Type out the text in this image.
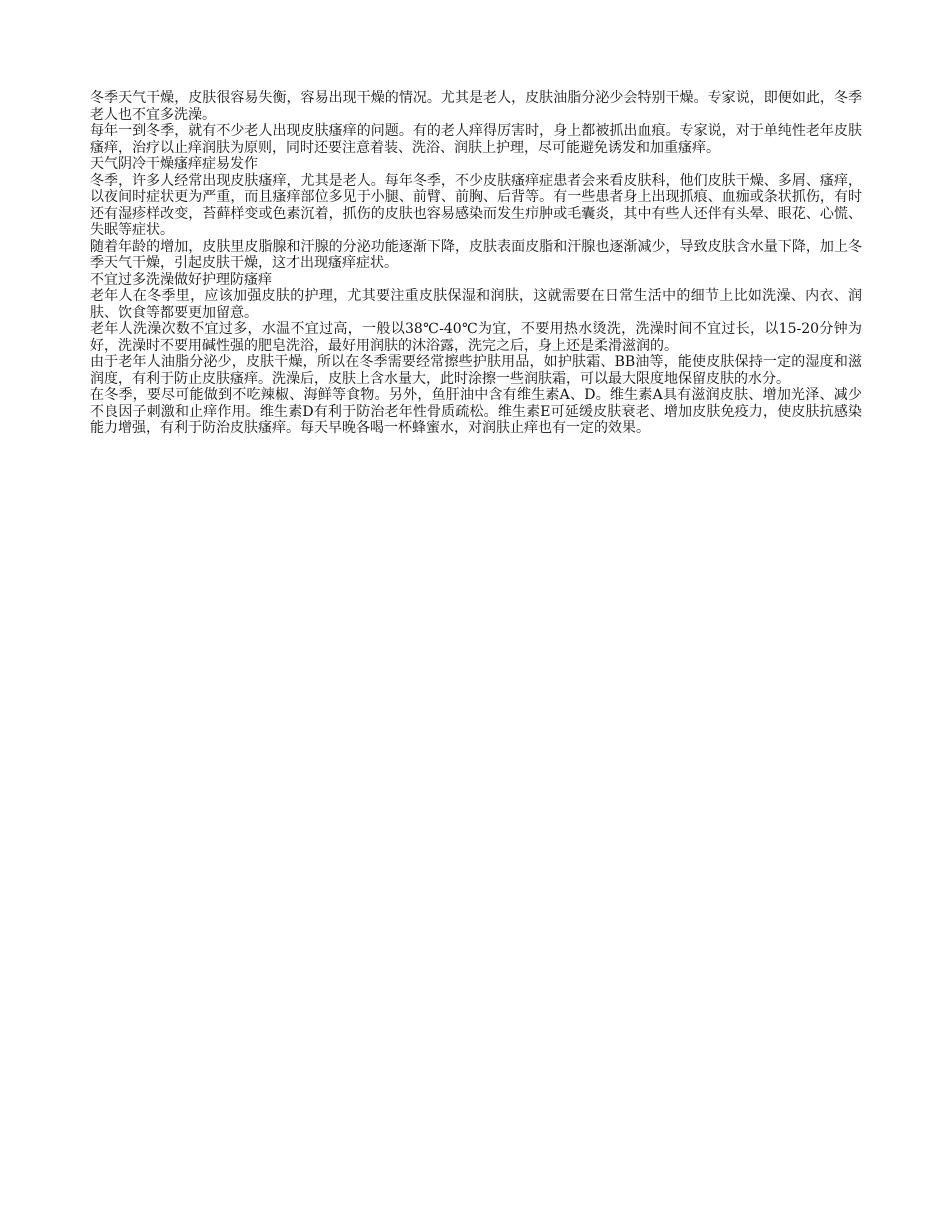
冬季天气干燥，皮肤很容易失衡，容易出现干燥的情况。尤其是老人，皮肤油脂分泌少会特别干燥。专家说，即便如此，冬季老人也不宜多洗澡。

每年一到冬季，就有不少老人出现皮肤瘙痒的问题。有的老人痒得厉害时，身上都被抓出血痕。专家说，对于单纯性老年皮肤瘙痒，治疗以止痒润肤为原则，同时还要注意着装、洗浴、润肤上护理，尽可能避免诱发和加重瘙痒。

天气阴冷干燥瘙痒症易发作

冬季，许多人经常出现皮肤瘙痒，尤其是老人。每年冬季，不少皮肤瘙痒症患者会来看皮肤科，他们皮肤干燥、多屑、瘙痒，以夜间时症状更为严重，而且瘙痒部位多见于小腿、前臂、前胸、后背等。有一些患者身上出现抓痕、血痂或条状抓伤，有时还有湿疹样改变，苔藓样变或色素沉着，抓伤的皮肤也容易感染而发生疖肿或毛囊炎，其中有些人还伴有头晕、眼花、心慌、失眠等症状。

随着年龄的增加，皮肤里皮脂腺和汗腺的分泌功能逐渐下降，皮肤表面皮脂和汗腺也逐渐减少，导致皮肤含水量下降，加上冬季天气干燥，引起皮肤干燥，这才出现瘙痒症状。

不宜过多洗澡做好护理防瘙痒

老年人在冬季里，应该加强皮肤的护理，尤其要注重皮肤保湿和润肤，这就需要在日常生活中的细节上比如洗澡、内衣、润肤、饮食等都要更加留意。

老年人洗澡次数不宜过多，水温不宜过高，一般以38℃-40℃为宜，不要用热水烫洗，洗澡时间不宜过长，以15-20分钟为好，洗澡时不要用碱性强的肥皂洗浴，最好用润肤的沐浴露，洗完之后，身上还是柔滑滋润的。

由于老年人油脂分泌少，皮肤干燥，所以在冬季需要经常擦些护肤用品，如护肤霜、BB油等，能使皮肤保持一定的湿度和滋润度，有利于防止皮肤瘙痒。洗澡后，皮肤上含水量大，此时涂擦一些润肤霜，可以最大限度地保留皮肤的水分。

在冬季，要尽可能做到不吃辣椒、海鲜等食物。另外，鱼肝油中含有维生素A、D。维生素A具有滋润皮肤、增加光泽、减少不良因子刺激和止痒作用。维生素D有利于防治老年性骨质疏松。维生素E可延缓皮肤衰老、增加皮肤免疫力，使皮肤抗感染能力增强，有利于防治皮肤瘙痒。每天早晚各喝一杯蜂蜜水，对润肤止痒也有一定的效果。
